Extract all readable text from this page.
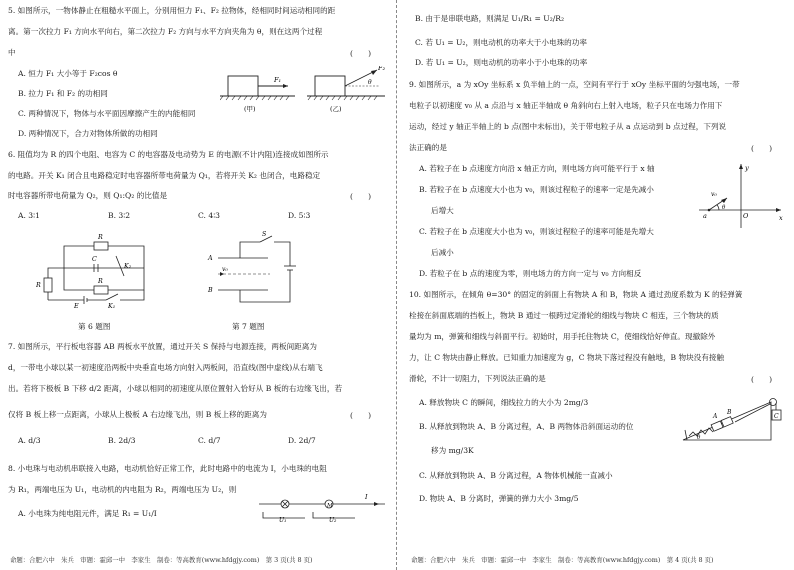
5. 如图所示，一物体静止在粗糙水平面上，分别用恒力 F₁、F₂ 拉物体，经相同时间运动相同的距
离。第一次拉力 F₁ 方向水平向右，第二次拉力 F₂ 方向与水平方向夹角为 θ，则在这两个过程
中	(　　)
A. 恒力 F₁ 大小等于 F₂cos θ
B. 拉力 F₁ 和 F₂ 的功相同
C. 两种情况下，物体与水平面因摩擦产生的内能相同
D. 两种情况下，合力对物体所做的功相同
F₁
(甲)
F₂
θ
(乙)
6. 阻值均为 R 的四个电阻、电容为 C 的电容器及电动势为 E 的电源(不计内阻)连接成如图所示
的电路。开关 K₁ 闭合且电路稳定时电容器所带电荷量为 Q₁，若将开关 K₂ 也闭合，电路稳定
时电容器所带电荷量为 Q₂，则 Q₁:Q₂ 的比值是	(　　)
A. 3∶1	B. 3∶2	C. 4∶3	D. 5∶3
R
R
R
C
K₂
E	K₁
第 6 题图
A
B
v₀
S
第 7 题图
7. 如图所示，平行板电容器 AB 两板水平放置，通过开关 S 保持与电源连接，两板间距离为
d，一带电小球以某一初速度沿两板中央垂直电场方向射入两板间，沿直线(图中虚线)从右端飞
出。若将下极板 B 下移 d/2 距离，小球以相同的初速度从原位置射入恰好从 B 板的右边缘飞出，若
仅将 B 板上移一点距离，小球从上极板 A 右边缘飞出，则 B 板上移的距离为	(　　)
A. d/3	B. 2d/3	C. d/7	D. 2d/7
8. 小电珠与电动机串联接入电路，电动机恰好正常工作，此时电路中的电流为 I，小电珠的电阻
为 R₁，两端电压为 U₁，电动机的内电阻为 R₂，两端电压为 U₂，则
A. 小电珠为纯电阻元件，满足 R₁ = U₁/I
M
I
U₁	U₂
命题：合肥六中　朱兵　审题：霍邱一中　李家生　制卷：等高教育(www.hfdgjy.com)　第 3 页(共 8 页)
B. 由于是串联电路，则满足 U₁/R₁ = U₂/R₂
C. 若 U₁ = U₂，则电动机的功率大于小电珠的功率
D. 若 U₁ = U₂，则电动机的功率小于小电珠的功率
9. 如图所示，a 为 xOy 坐标系 x 负半轴上的一点，空间有平行于 xOy 坐标平面的匀强电场，一带
电粒子以初速度 v₀ 从 a 点沿与 x 轴正半轴成 θ 角斜向右上射入电场，粒子只在电场力作用下
运动，经过 y 轴正半轴上的 b 点(图中未标出)，关于带电粒子从 a 点运动到 b 点过程，下列说
法正确的是	(　　)
A. 若粒子在 b 点速度方向沿 x 轴正方向，则电场方向可能平行于 x 轴
B. 若粒子在 b 点速度大小也为 v₀，则该过程粒子的速率一定是先减小
后增大
C. 若粒子在 b 点速度大小也为 v₀，则该过程粒子的速率可能是先增大
后减小
D. 若粒子在 b 点的速度为零，则电场力的方向一定与 v₀ 方向相反
y
x
O
a
v₀
θ
10. 如图所示，在倾角 θ=30° 的固定的斜面上有物块 A 和 B，物块 A 通过劲度系数为 K 的轻弹簧
栓接在斜面底端的挡板上，物块 B 通过一根跨过定滑轮的细线与物块 C 相连，三个物块的质
量均为 m，弹簧和细线与斜面平行。初始时，用手托住物块 C，使细线恰好伸直。现撤除外
力，让 C 物块由静止释放。已知重力加速度为 g，C 物块下落过程没有触地，B 物块没有接触
滑轮，不计一切阻力，下列说法正确的是	(　　)
A. 释放物块 C 的瞬间，细线拉力的大小为 2mg/3
B. 从释放到物块 A、B 分离过程，A、B 两物体沿斜面运动的位
移为 mg/3K
C. 从释放到物块 A、B 分离过程，A 物体机械能一直减小
D. 物块 A、B 分离时，弹簧的弹力大小 3mg/5
A
B
C
θ
命题：合肥六中　朱兵　审题：霍邱一中　李家生　制卷：等高教育(www.hfdgjy.com)　第 4 页(共 8 页)
